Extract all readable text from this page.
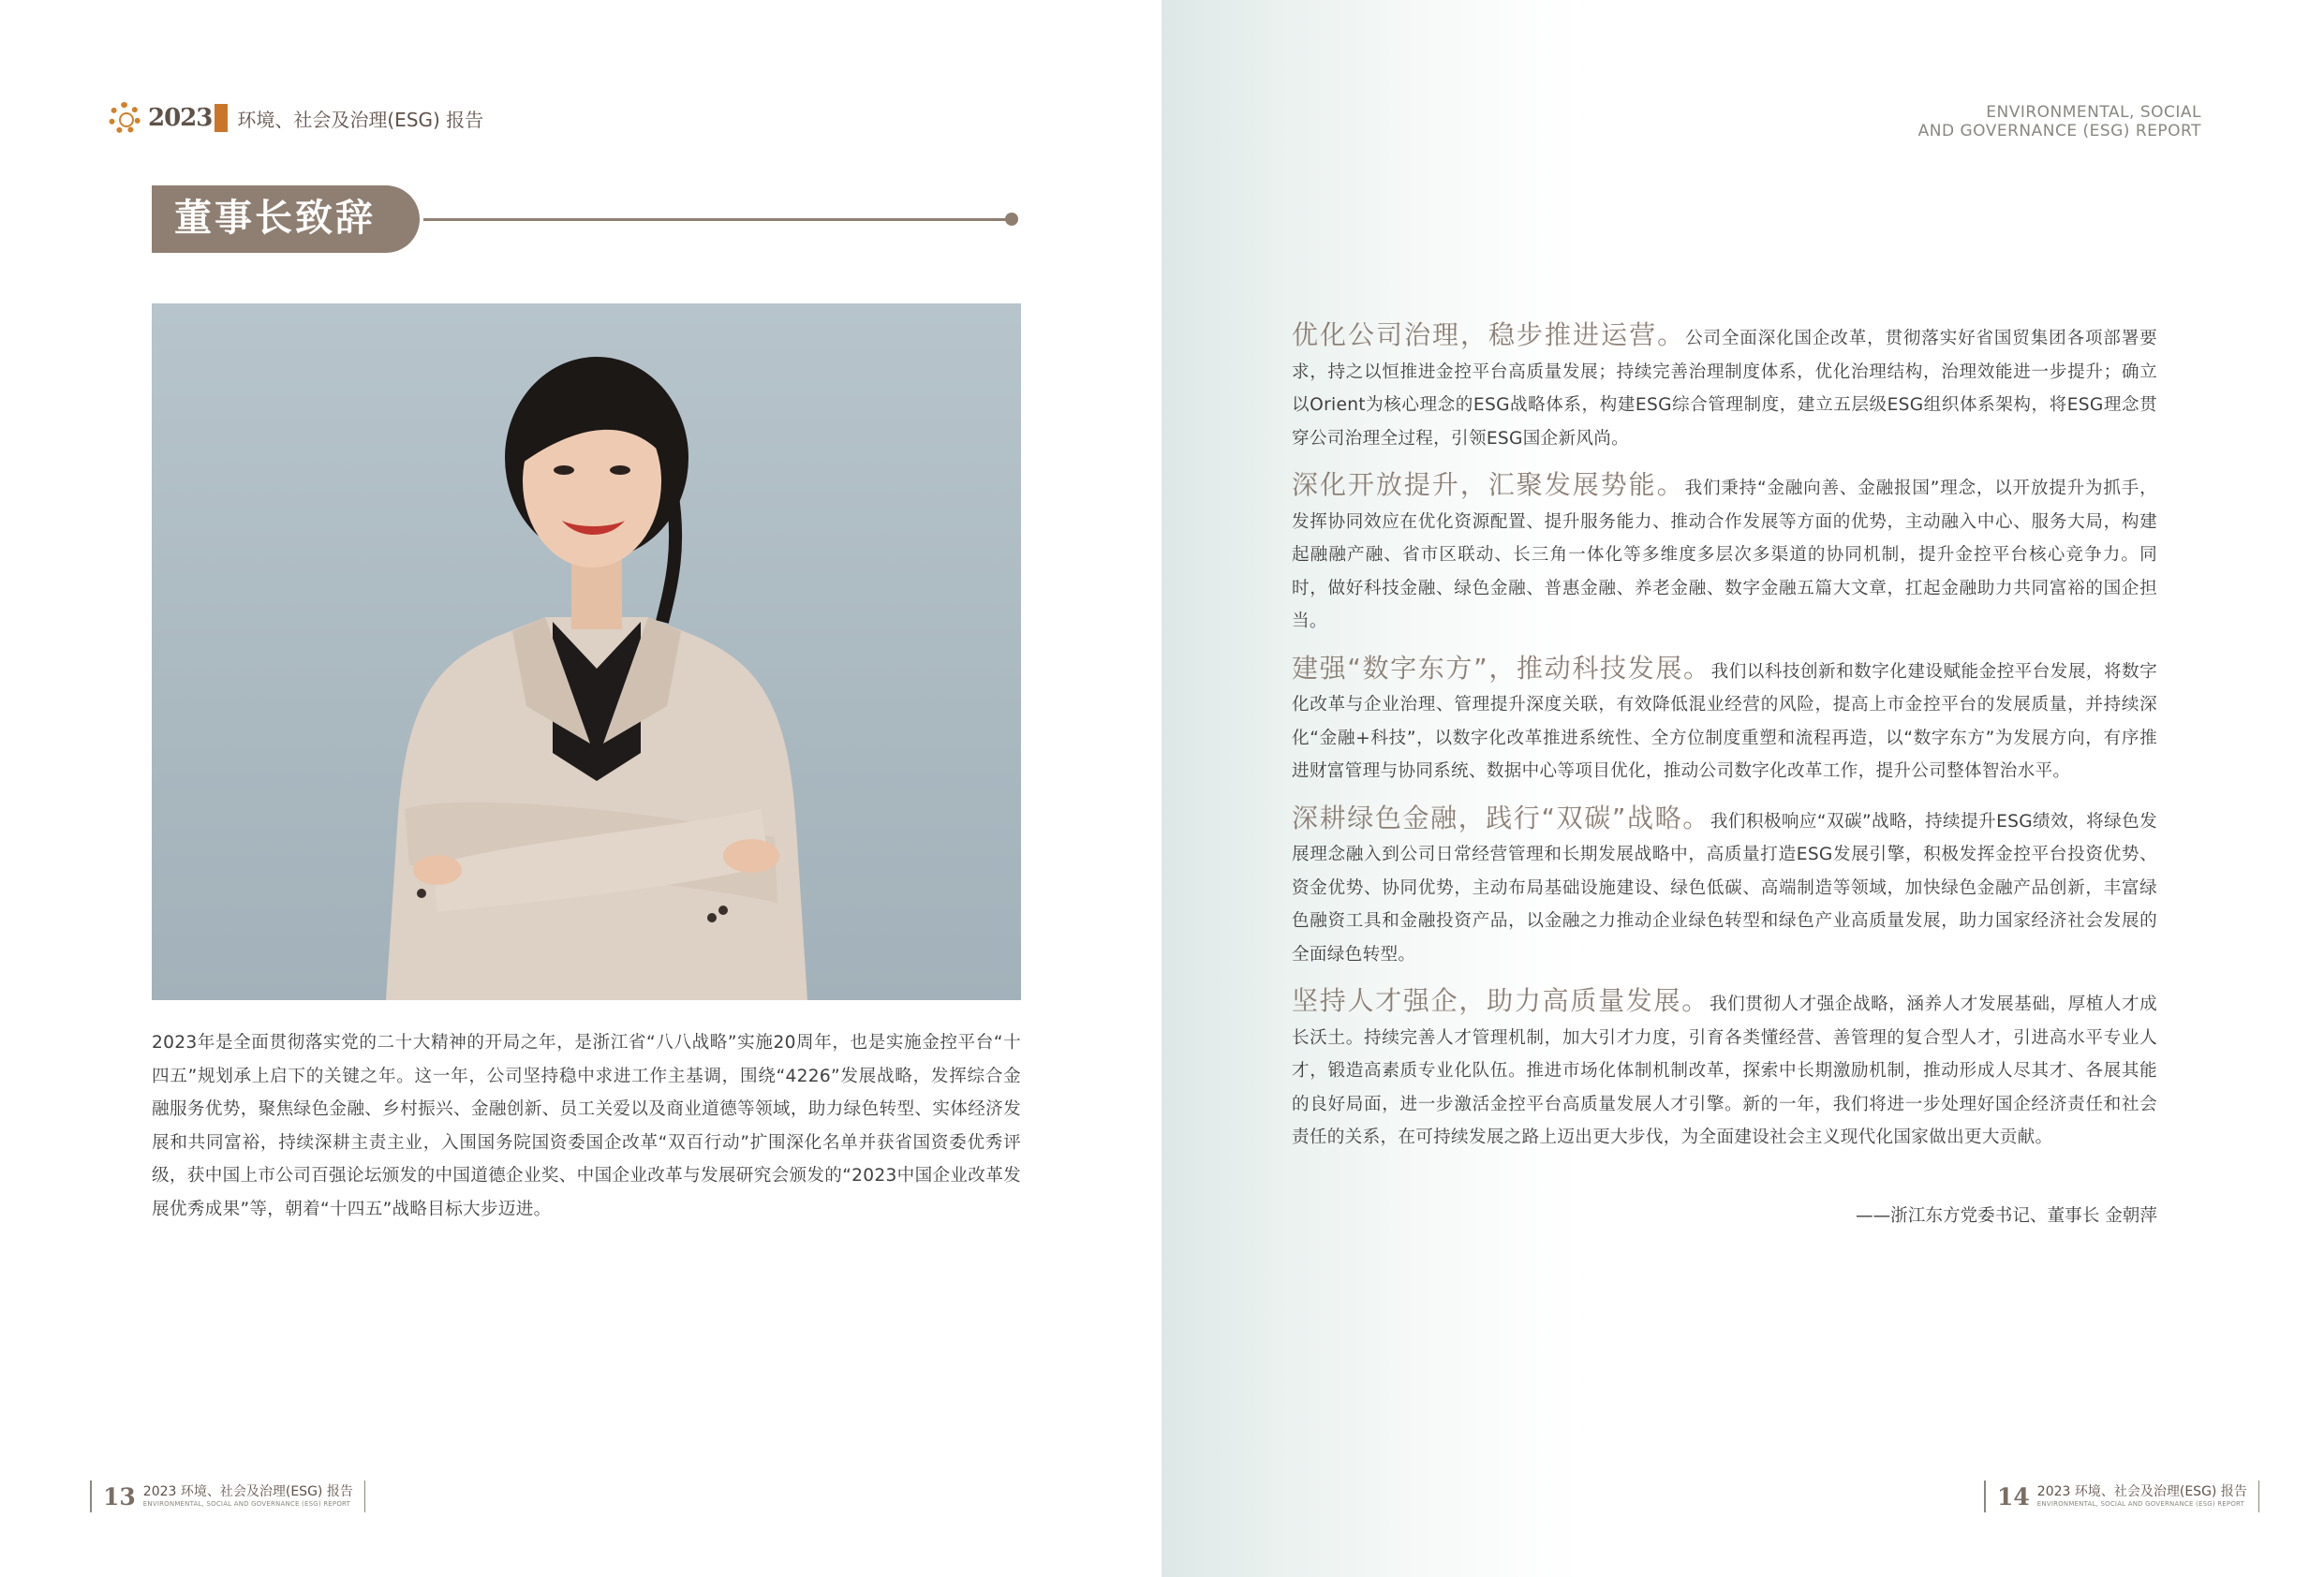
2023 环境、社会及治理(ESG) 报告
董事长致辞
2023年是全面贯彻落实党的二十大精神的开局之年，是浙江省“八八战略”实施20周年，也是实施金控平台“十四五”规划承上启下的关键之年。这一年，公司坚持稳中求进工作主基调，围绕“4226”发展战略，发挥综合金融服务优势，聚焦绿色金融、乡村振兴、金融创新、员工关爱以及商业道德等领域，助力绿色转型、实体经济发展和共同富裕，持续深耕主责主业，入围国务院国资委国企改革“双百行动”扩围深化名单并获省国资委优秀评级，获中国上市公司百强论坛颁发的中国道德企业奖、中国企业改革与发展研究会颁发的“2023中国企业改革发展优秀成果”等，朝着“十四五”战略目标大步迈进。
13 2023 环境、社会及治理(ESG) 报告
ENVIRONMENTAL, SOCIAL AND GOVERNANCE (ESG) REPORT
ENVIRONMENTAL, SOCIAL
AND GOVERNANCE (ESG) REPORT

优化公司治理，稳步推进运营。公司全面深化国企改革，贯彻落实好省国贸集团各项部署要求，持之以恒推进金控平台高质量发展；持续完善治理制度体系，优化治理结构，治理效能进一步提升；确立以Orient为核心理念的ESG战略体系，构建ESG综合管理制度，建立五层级ESG组织体系架构，将ESG理念贯穿公司治理全过程，引领ESG国企新风尚。

深化开放提升，汇聚发展势能。我们秉持“金融向善、金融报国”理念，以开放提升为抓手，发挥协同效应在优化资源配置、提升服务能力、推动合作发展等方面的优势，主动融入中心、服务大局，构建起融融产融、省市区联动、长三角一体化等多维度多层次多渠道的协同机制，提升金控平台核心竞争力。同时，做好科技金融、绿色金融、普惠金融、养老金融、数字金融五篇大文章，扛起金融助力共同富裕的国企担当。

建强“数字东方”，推动科技发展。我们以科技创新和数字化建设赋能金控平台发展，将数字化改革与企业治理、管理提升深度关联，有效降低混业经营的风险，提高上市金控平台的发展质量，并持续深化“金融+科技”，以数字化改革推进系统性、全方位制度重塑和流程再造，以“数字东方”为发展方向，有序推进财富管理与协同系统、数据中心等项目优化，推动公司数字化改革工作，提升公司整体智治水平。

深耕绿色金融，践行“双碳”战略。我们积极响应“双碳”战略，持续提升ESG绩效，将绿色发展理念融入到公司日常经营管理和长期发展战略中，高质量打造ESG发展引擎，积极发挥金控平台投资优势、资金优势、协同优势，主动布局基础设施建设、绿色低碳、高端制造等领域，加快绿色金融产品创新，丰富绿色融资工具和金融投资产品，以金融之力推动企业绿色转型和绿色产业高质量发展，助力国家经济社会发展的全面绿色转型。

坚持人才强企，助力高质量发展。我们贯彻人才强企战略，涵养人才发展基础，厚植人才成长沃土。持续完善人才管理机制，加大引才力度，引育各类懂经营、善管理的复合型人才，引进高水平专业人才，锻造高素质专业化队伍。推进市场化体制机制改革，探索中长期激励机制，推动形成人尽其才、各展其能的良好局面，进一步激活金控平台高质量发展人才引擎。新的一年，我们将进一步处理好国企经济责任和社会责任的关系，在可持续发展之路上迈出更大步伐，为全面建设社会主义现代化国家做出更大贡献。

——浙江东方党委书记、董事长 金朝萍
14 2023 环境、社会及治理(ESG) 报告
ENVIRONMENTAL, SOCIAL AND GOVERNANCE (ESG) REPORT
